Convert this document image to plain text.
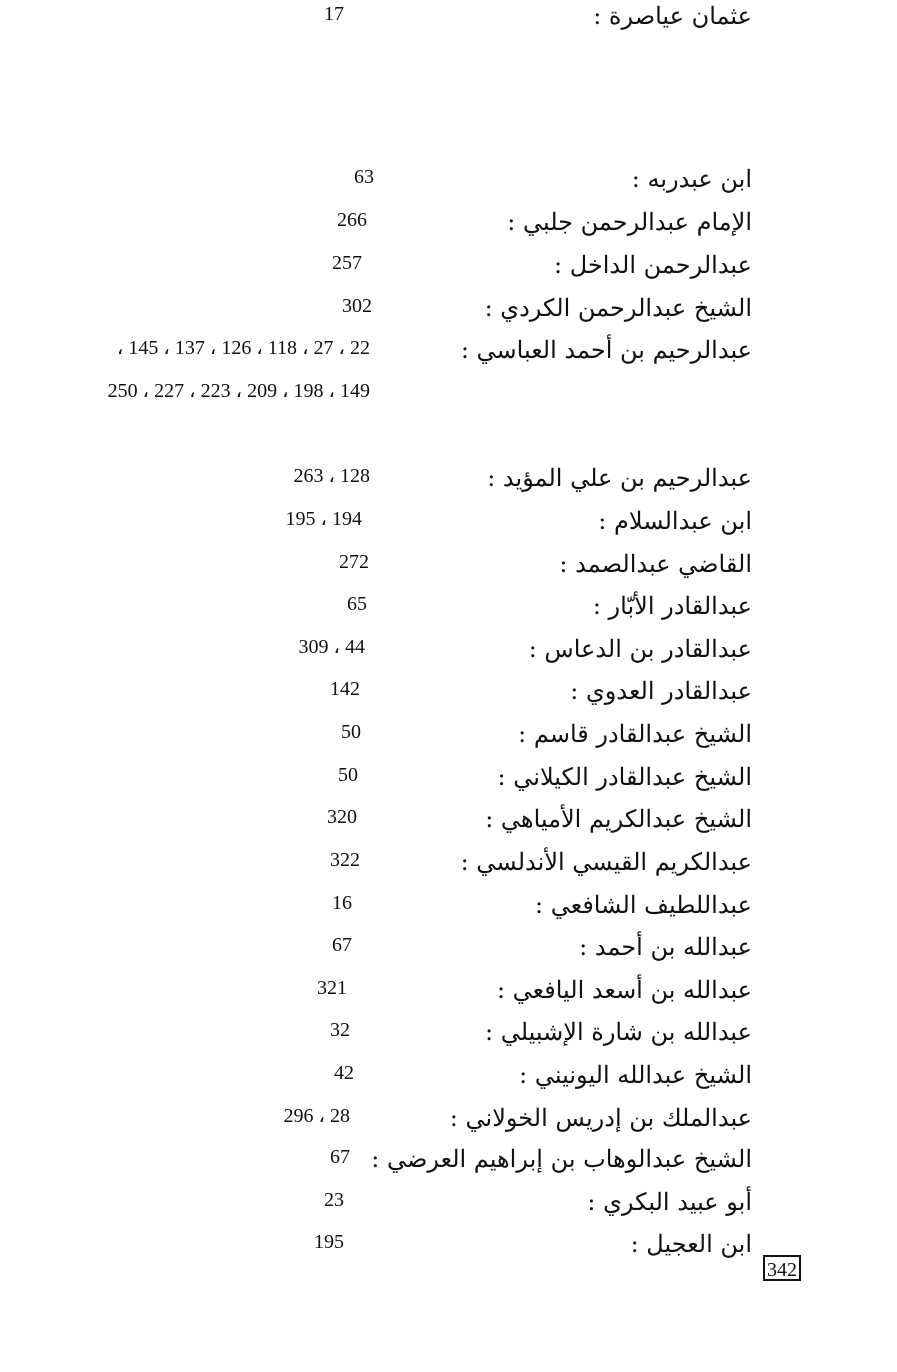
ابن عبدربه :
63
الإمام عبدالرحمن جلبي :
266
عبدالرحمن الداخل :
257
الشيخ عبدالرحمن الكردي :
302
عبدالرحيم بن أحمد العباسي :
22 ، 27 ، 118 ، 126 ، 137 ، 145 ،
149 ، 198 ، 209 ، 223 ، 227 ، 250
عبدالرحيم بن علي المؤيد :
128 ، 263
ابن عبدالسلام :
194 ، 195
القاضي عبدالصمد :
272
عبدالقادر الأبّار :
65
عبدالقادر بن الدعاس :
44 ، 309
عبدالقادر العدوي :
142
الشيخ عبدالقادر قاسم :
50
الشيخ عبدالقادر الكيلاني :
50
الشيخ عبدالكريم الأمياهي :
320
عبدالكريم القيسي الأندلسي :
322
عبداللطيف الشافعي :
16
عبدالله بن أحمد :
67
عبدالله بن أسعد اليافعي :
321
عبدالله بن شارة الإشبيلي :
32
الشيخ عبدالله اليونيني :
42
عبدالملك بن إدريس الخولاني :
28 ، 296
الشيخ عبدالوهاب بن إبراهيم العرضي :
67
أبو عبيد البكري :
23
ابن العجيل :
195
عثمان عياصرة :
17
342
